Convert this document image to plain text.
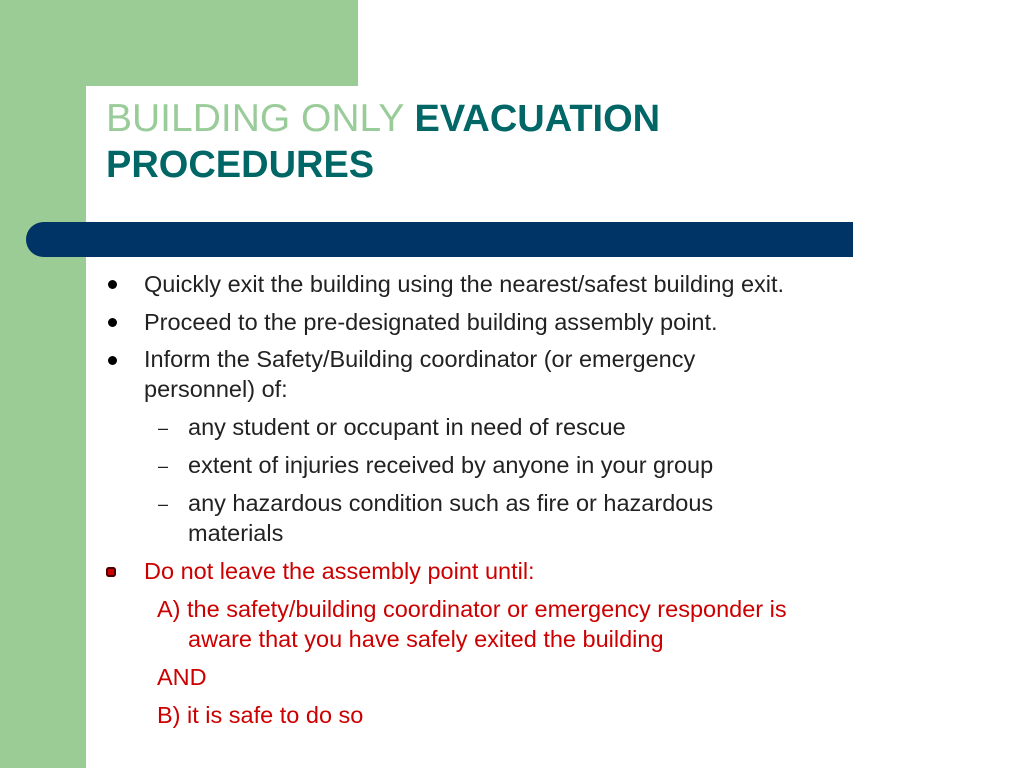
BUILDING ONLY EVACUATION
PROCEDURES
Quickly exit the building using the nearest/safest building exit.
Proceed to the pre-designated building assembly point.
Inform the Safety/Building coordinator (or emergency
personnel) of:
– any student or occupant in need of rescue
– extent of injuries received by anyone in your group
– any hazardous condition such as fire or hazardous
materials
Do not leave the assembly point until:
A) the safety/building coordinator or emergency responder is
aware that you have safely exited the building
AND
B) it is safe to do so
